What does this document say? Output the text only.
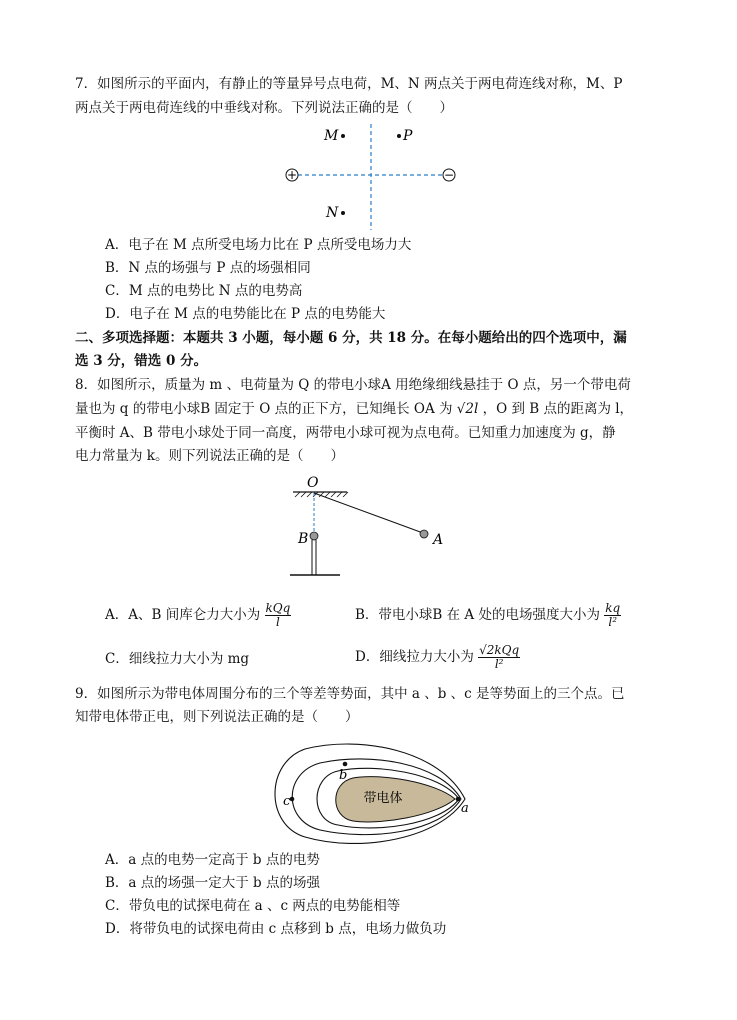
7．如图所示的平面内，有静止的等量异号点电荷，M、N 两点关于两电荷连线对称，M、P
两点关于两电荷连线的中垂线对称。下列说法正确的是（　　）
+	−
M	P
N
A．电子在 M 点所受电场力比在 P 点所受电场力大
B．N 点的场强与 P 点的场强相同
C．M 点的电势比 N 点的电势高
D．电子在 M 点的电势能比在 P 点的电势能大
二、多项选择题：本题共 3 小题，每小题 6 分，共 18 分。在每小题给出的四个选项中，漏
选 3 分，错选 0 分。
8．如图所示，质量为 m 、电荷量为 Q 的带电小球A 用绝缘细线悬挂于 O 点，另一个带电荷
量也为 q 的带电小球B 固定于 O 点的正下方，已知绳长 OA 为 √2l ，O 到 B 点的距离为 l，
平衡时 A、B 带电小球处于同一高度，两带电小球可视为点电荷。已知重力加速度为 g，静
电力常量为 k。则下列说法正确的是（　　）
O
A
B
A．A、B 间库仑力大小为 $\frac{\text{kQq}}{l}$	B．带电小球B 在 A 处的电场强度大小为 $\frac{kq}{\text{l²}}$
C．细线拉力大小为 mg	D．细线拉力大小为 $\frac{\text{√2kQq}}{\text{l²}}$
9．如图所示为带电体周围分布的三个等差等势面，其中 a 、b 、c 是等势面上的三个点。已
知带电体带正电，则下列说法正确的是（　　）
带电体
a
b
c
A．a 点的电势一定高于 b 点的电势
B．a 点的场强一定大于 b 点的场强
C．带负电的试探电荷在 a 、c 两点的电势能相等
D．将带负电的试探电荷由 c 点移到 b 点，电场力做负功
